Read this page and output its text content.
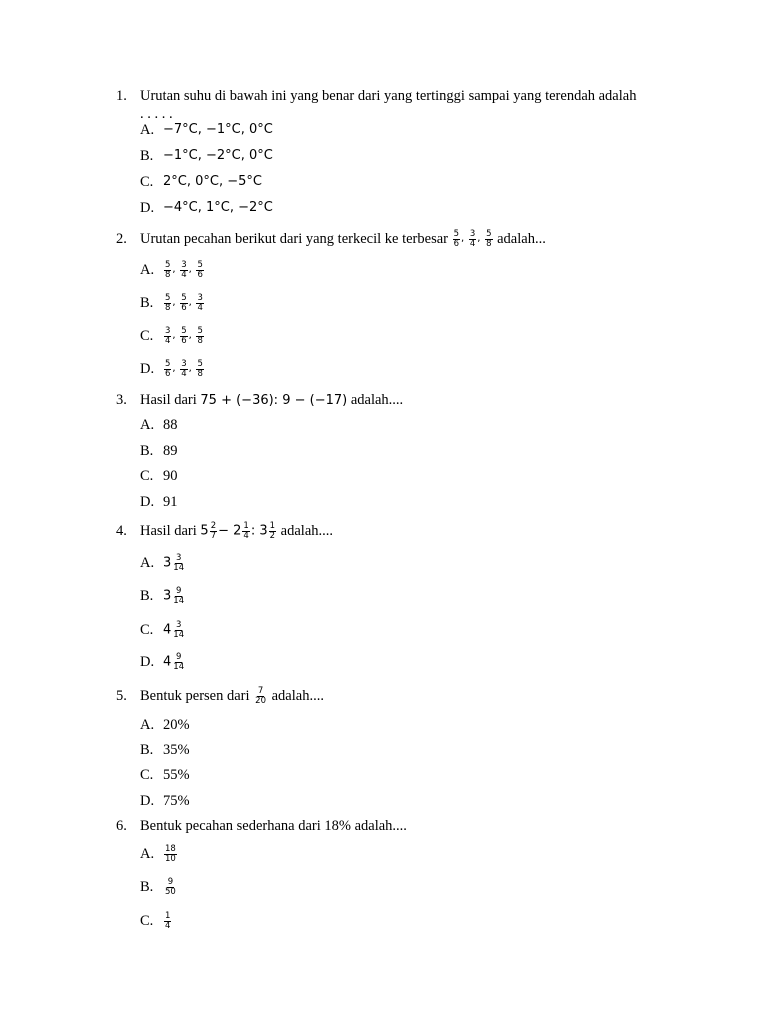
1. Urutan suhu di bawah ini yang benar dari yang tertinggi sampai yang terendah adalah
. . . . .
A. −7°C, −1°C, 0°C
B. −1°C, −2°C, 0°C
C. 2°C, 0°C, −5°C
D. −4°C, 1°C, −2°C
2. Urutan pecahan berikut dari yang terkecil ke terbesar $\frac{5}{6}$ , $\frac{3}{4}$ , $\frac{5}{8}$ adalah...
A. $\frac{5}{8}$ , $\frac{3}{4}$ , $\frac{5}{6}$
B. $\frac{5}{8}$ , $\frac{5}{6}$ , $\frac{3}{4}$
C. $\frac{3}{4}$ , $\frac{5}{6}$ , $\frac{5}{8}$
D. $\frac{5}{6}$ , $\frac{3}{4}$ , $\frac{5}{8}$
3. Hasil dari 75 + (−36): 9 − (−17) adalah....
A. 88
B. 89
C. 90
D. 91
4. Hasil dari $5 \frac{2}{7} - 2 \frac{1}{4}$ : $3 \frac{1}{2}$ adalah....
A. $3 \frac{3}{14}$
B. $3 \frac{9}{14}$
C. $4 \frac{3}{14}$
D. $4 \frac{9}{14}$
5. Bentuk persen dari $\frac{7}{20}$ adalah....
A. 20%
B. 35%
C. 55%
D. 75%
6. Bentuk pecahan sederhana dari 18% adalah....
A. $\frac{18}{10}$
B. $\frac{9}{50}$
C. $\frac{1}{4}$
